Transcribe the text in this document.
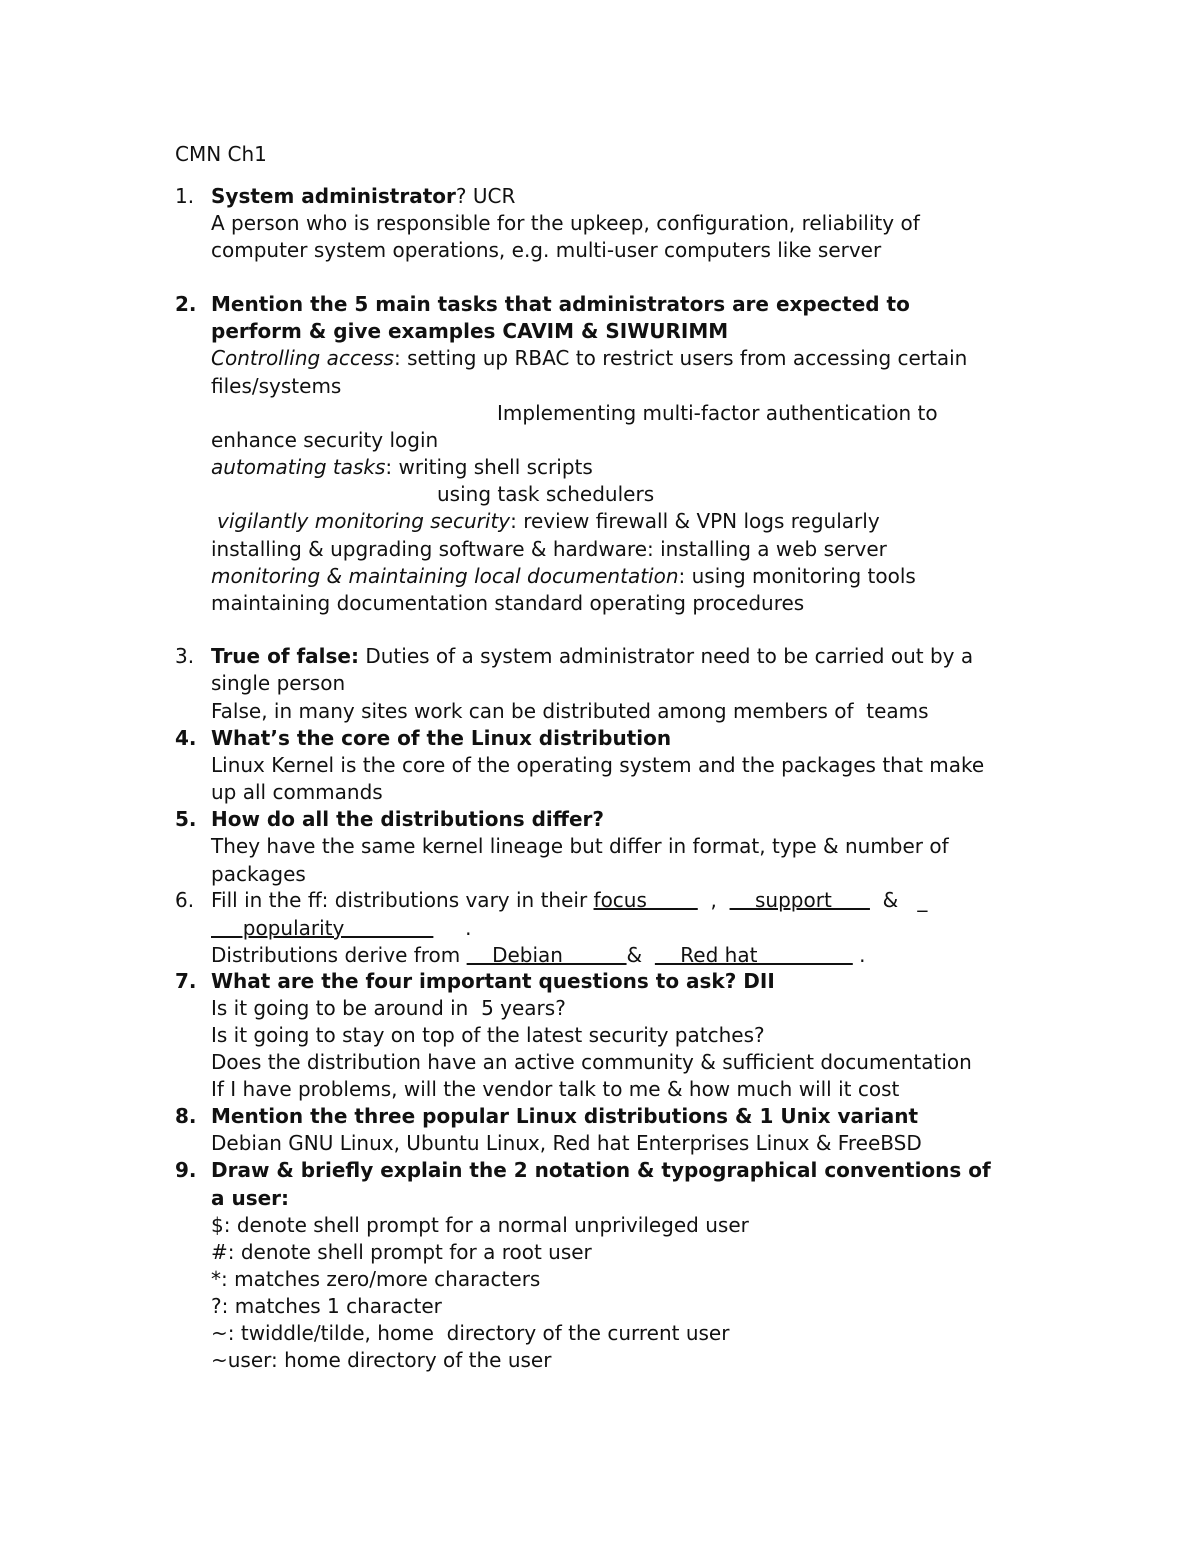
CMN Ch1
1. System administrator? UCR
A person who is responsible for the upkeep, configuration, reliability of
computer system operations, e.g. multi-user computers like server
2. Mention the 5 main tasks that administrators are expected to
perform & give examples CAVIM & SIWURIMM
Controlling access: setting up RBAC to restrict users from accessing certain
files/systems
Implementing multi-factor authentication to
enhance security login
automating tasks: writing shell scripts
using task schedulers
vigilantly monitoring security: review firewall & VPN logs regularly
installing & upgrading software & hardware: installing a web server
monitoring & maintaining local documentation: using monitoring tools
maintaining documentation standard operating procedures
3. True of false: Duties of a system administrator need to be carried out by a
single person
False, in many sites work can be distributed among members of  teams
4. What’s the core of the Linux distribution
Linux Kernel is the core of the operating system and the packages that make
up all commands
5. How do all the distributions differ?
They have the same kernel lineage but differ in format, type & number of
packages
6. Fill in the ff: distributions vary in their focus          ,      support        &   _
popularity                   .
Distributions derive from     Debian          &      Red hat                .
7. What are the four important questions to ask? DII
Is it going to be around in  5 years?
Is it going to stay on top of the latest security patches?
Does the distribution have an active community & sufficient documentation
If I have problems, will the vendor talk to me & how much will it cost
8. Mention the three popular Linux distributions & 1 Unix variant
Debian GNU Linux, Ubuntu Linux, Red hat Enterprises Linux & FreeBSD
9. Draw & briefly explain the 2 notation & typographical conventions of
a user:
$: denote shell prompt for a normal unprivileged user
#: denote shell prompt for a root user
*: matches zero/more characters
?: matches 1 character
~: twiddle/tilde, home  directory of the current user
~user: home directory of the user
